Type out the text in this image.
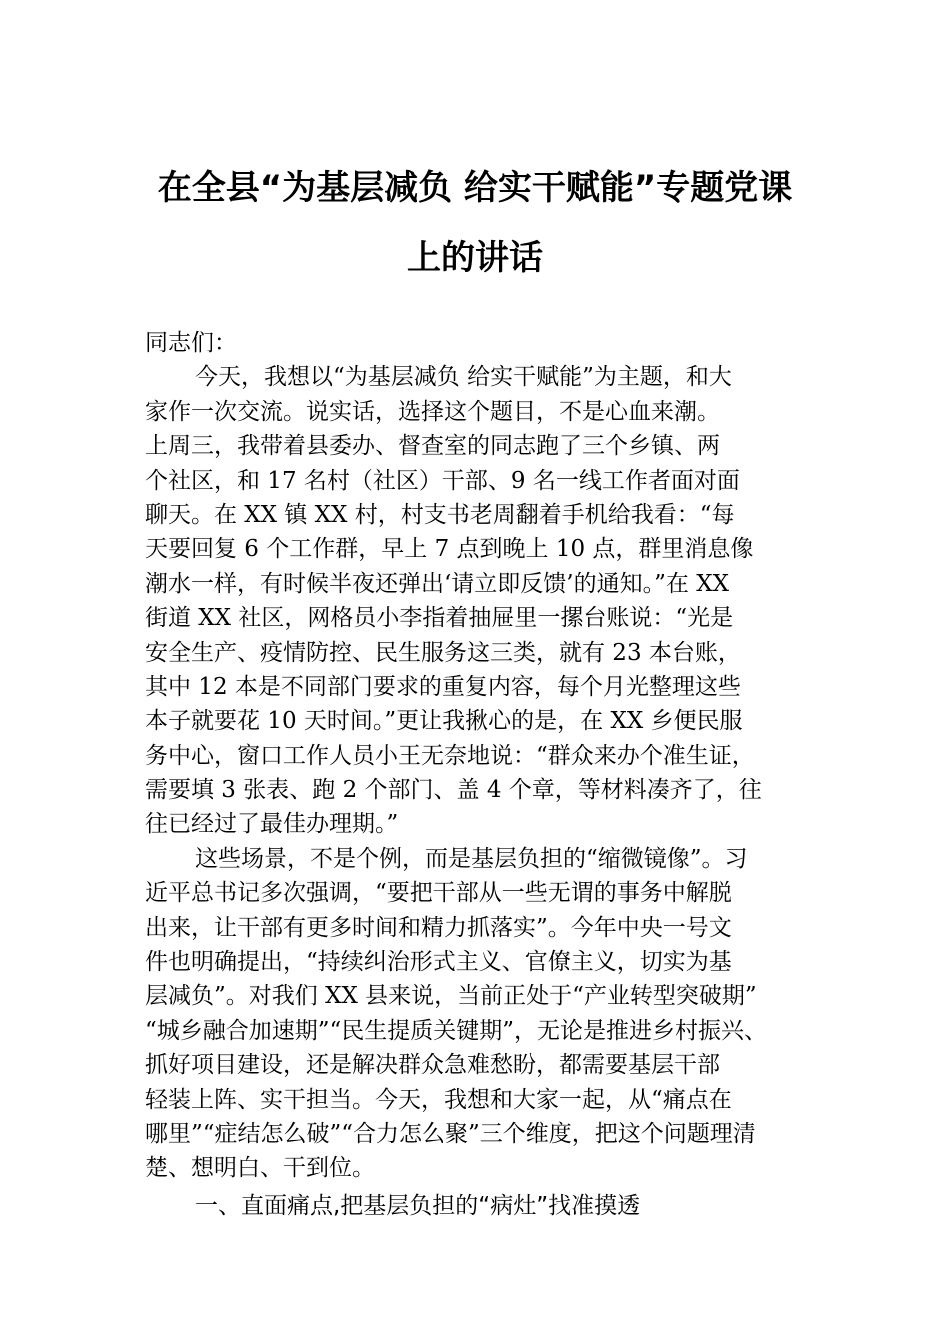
在全县“为基层减负 给实干赋能”专题党课
上的讲话
同志们：
今天，我想以“为基层减负 给实干赋能”为主题，和大
家作一次交流。说实话，选择这个题目，不是心血来潮。
上周三，我带着县委办、督查室的同志跑了三个乡镇、两
个社区，和 17 名村（社区）干部、9 名一线工作者面对面
聊天。在 XX 镇 XX 村，村支书老周翻着手机给我看：“每
天要回复 6 个工作群，早上 7 点到晚上 10 点，群里消息像
潮水一样，有时候半夜还弹出‘请立即反馈’的通知。”在 XX
街道 XX 社区，网格员小李指着抽屉里一摞台账说：“光是
安全生产、疫情防控、民生服务这三类，就有 23 本台账，
其中 12 本是不同部门要求的重复内容，每个月光整理这些
本子就要花 10 天时间。”更让我揪心的是，在 XX 乡便民服
务中心，窗口工作人员小王无奈地说：“群众来办个准生证，
需要填 3 张表、跑 2 个部门、盖 4 个章，等材料凑齐了，往
往已经过了最佳办理期。”
这些场景，不是个例，而是基层负担的“缩微镜像”。习
近平总书记多次强调，“要把干部从一些无谓的事务中解脱
出来，让干部有更多时间和精力抓落实”。今年中央一号文
件也明确提出，“持续纠治形式主义、官僚主义，切实为基
层减负”。对我们 XX 县来说，当前正处于“产业转型突破期”
“城乡融合加速期”“民生提质关键期”，无论是推进乡村振兴、
抓好项目建设，还是解决群众急难愁盼，都需要基层干部
轻装上阵、实干担当。今天，我想和大家一起，从“痛点在
哪里”“症结怎么破”“合力怎么聚”三个维度，把这个问题理清
楚、想明白、干到位。
一、直面痛点,把基层负担的“病灶”找准摸透
